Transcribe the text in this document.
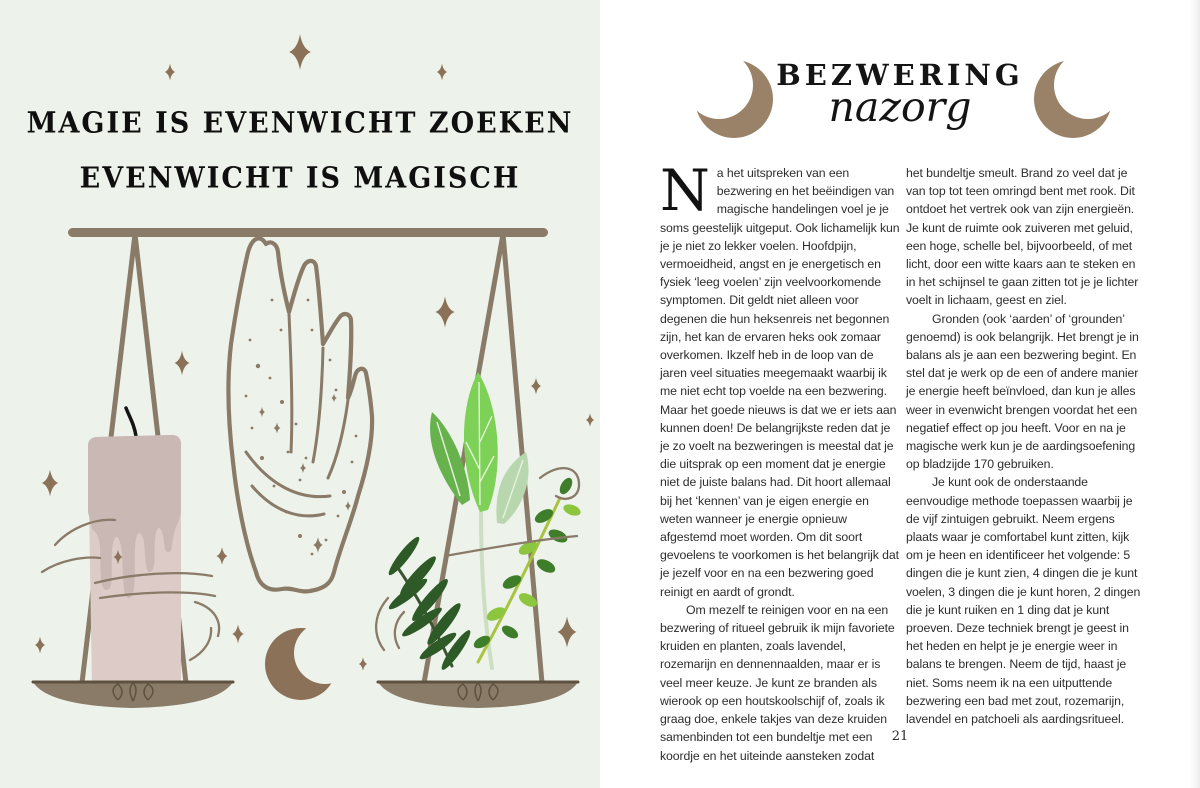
MAGIE IS EVENWICHT ZOEKEN
EVENWICHT IS MAGISCH
BEZWERING
nazorg

Na het uitspreken van een bezwering en het beëindigen van magische handelingen voel je je soms geestelijk uitgeput. Ook lichamelijk kun je je niet zo lekker voelen. Hoofdpijn, vermoeidheid, angst en je energetisch en fysiek ‘leeg voelen’ zijn veelvoorkomende symptomen. Dit geldt niet alleen voor degenen die hun heksenreis net begonnen zijn, het kan de ervaren heks ook zomaar overkomen. Ikzelf heb in de loop van de jaren veel situaties meegemaakt waarbij ik me niet echt top voelde na een bezwering. Maar het goede nieuws is dat we er iets aan kunnen doen! De belangrijkste reden dat je je zo voelt na bezweringen is meestal dat je die uitsprak op een moment dat je energie niet de juiste balans had. Dit hoort allemaal bij het ‘kennen’ van je eigen energie en weten wanneer je energie opnieuw afgestemd moet worden. Om dit soort gevoelens te voorkomen is het belangrijk dat je jezelf voor en na een bezwering goed reinigt en aardt of grondt.

Om mezelf te reinigen voor en na een bezwering of ritueel gebruik ik mijn favoriete kruiden en planten, zoals lavendel, rozemarijn en dennennaalden, maar er is veel meer keuze. Je kunt ze branden als wierook op een houtskoolschijf of, zoals ik graag doe, enkele takjes van deze kruiden samenbinden tot een bundeltje met een koordje en het uiteinde aansteken zodat

het bundeltje smeult. Brand zo veel dat je van top tot teen omringd bent met rook. Dit ontdoet het vertrek ook van zijn energieën. Je kunt de ruimte ook zuiveren met geluid, een hoge, schelle bel, bijvoorbeeld, of met licht, door een witte kaars aan te steken en in het schijnsel te gaan zitten tot je je lichter voelt in lichaam, geest en ziel.

Gronden (ook ‘aarden’ of ‘grounden’ genoemd) is ook belangrijk. Het brengt je in balans als je aan een bezwering begint. En stel dat je werk op de een of andere manier je energie heeft beïnvloed, dan kun je alles weer in evenwicht brengen voordat het een negatief effect op jou heeft. Voor en na je magische werk kun je de aardingsoefening op bladzijde 170 gebruiken.

Je kunt ook de onderstaande eenvoudige methode toepassen waarbij je de vijf zintuigen gebruikt. Neem ergens plaats waar je comfortabel kunt zitten, kijk om je heen en identificeer het volgende: 5 dingen die je kunt zien, 4 dingen die je kunt voelen, 3 dingen die je kunt horen, 2 dingen die je kunt ruiken en 1 ding dat je kunt proeven. Deze techniek brengt je geest in het heden en helpt je je energie weer in balans te brengen. Neem de tijd, haast je niet. Soms neem ik na een uitputtende bezwering een bad met zout, rozemarijn, lavendel en patchoeli als aardingsritueel.

21
